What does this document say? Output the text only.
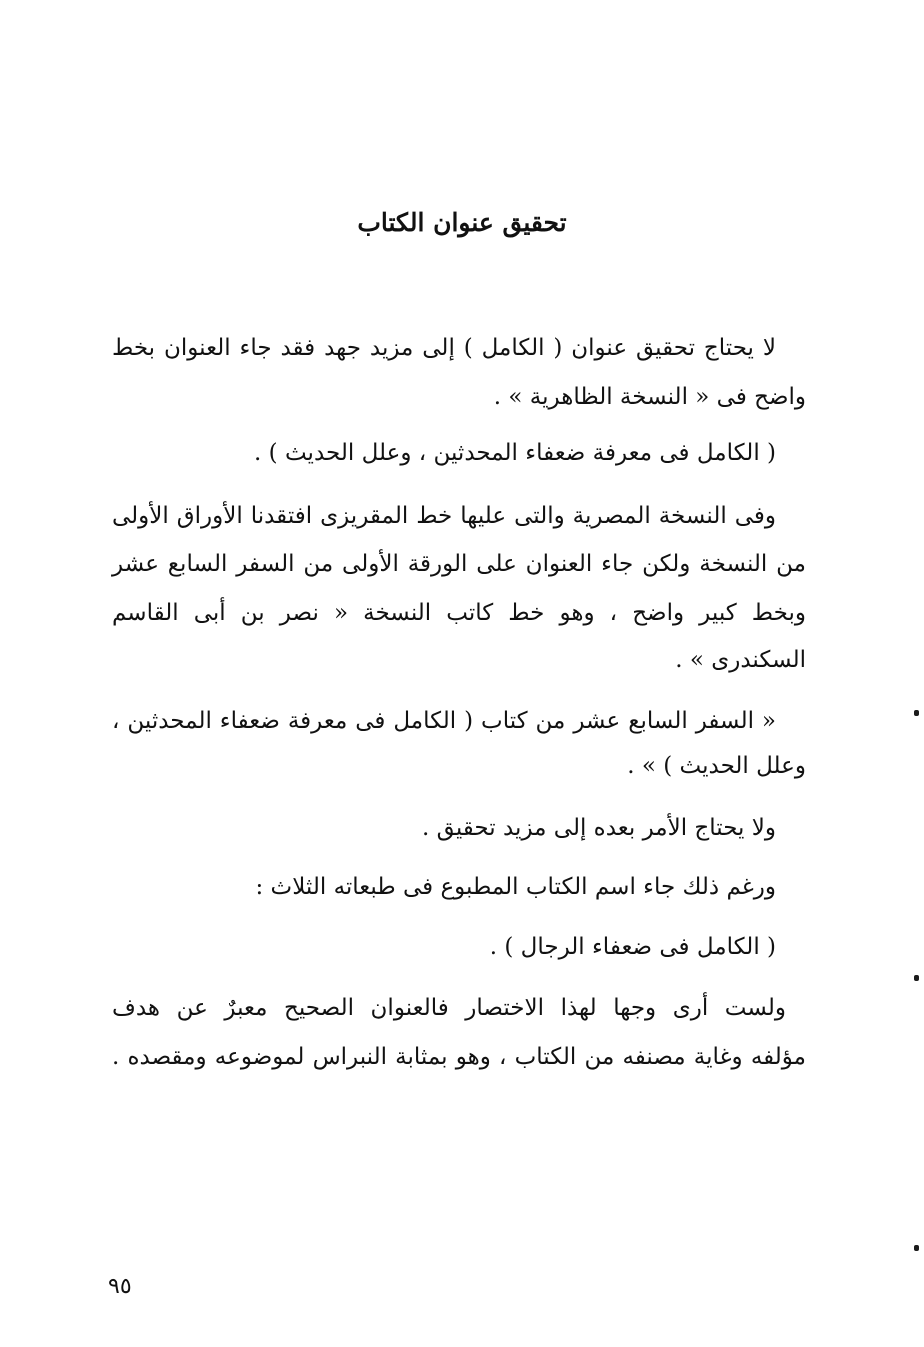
تحقيق عنوان الكتاب
لا يحتاج تحقيق عنوان ( الكامل ) إلى مزيد جهد فقد جاء العنوان بخط
واضح فى « النسخة الظاهرية » .
( الكامل فى معرفة ضعفاء المحدثين ، وعلل الحديث ) .
وفى النسخة المصرية والتى عليها خط المقريزى افتقدنا الأوراق الأولى
من النسخة ولكن جاء العنوان على الورقة الأولى من السفر السابع عشر
وبخط كبير واضح ، وهو خط كاتب النسخة « نصر بن أبى القاسم
السكندرى » .
« السفر السابع عشر من كتاب ( الكامل فى معرفة ضعفاء المحدثين ،
وعلل الحديث ) » .
ولا يحتاج الأمر بعده إلى مزيد تحقيق .
ورغم ذلك جاء اسم الكتاب المطبوع فى طبعاته الثلاث :
( الكامل فى ضعفاء الرجال ) .
ولست أرى وجها لهذا الاختصار فالعنوان الصحيح معبرٌ عن هدف
مؤلفه وغاية مصنفه من الكتاب ، وهو بمثابة النبراس لموضوعه ومقصده .
٩٥
